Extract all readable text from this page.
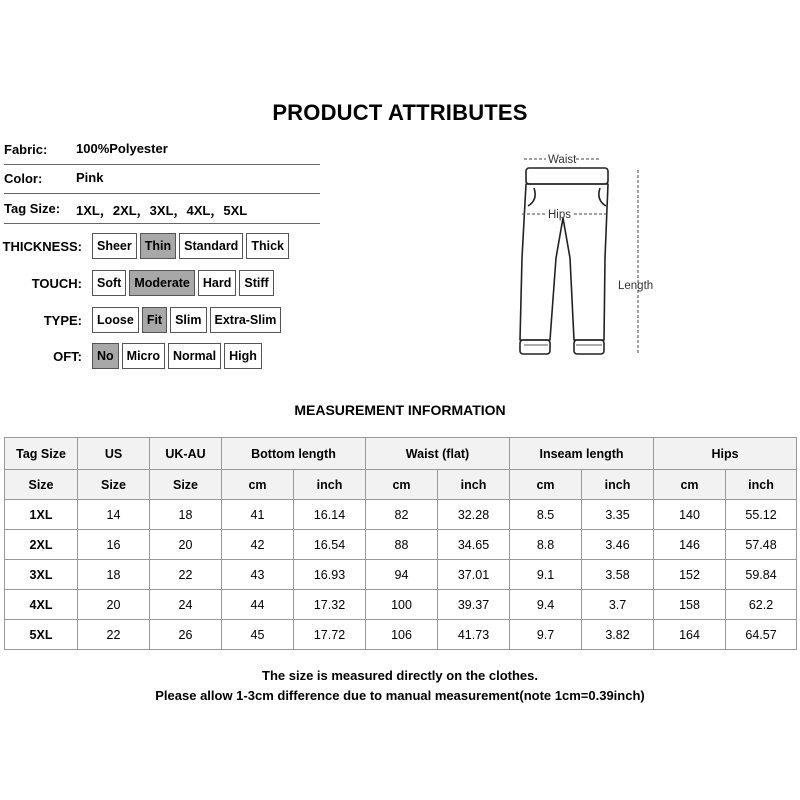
PRODUCT ATTRIBUTES
Fabric: 100%Polyester
Color:	Pink
Tag Size: 1XL，2XL，3XL，4XL，5XL
THICKNESS:	Sheer	Thin	Standard	Thick
TOUCH:	Soft	Moderate	Hard	Stiff
TYPE:	Loose	Fit	Slim	Extra-Slim
OFT:	No	Micro	Normal	High
Waist
Length
Hips
MEASUREMENT INFORMATION
Tag Size	US	UK-AU	Bottom length		Waist (flat)		Inseam length		Hips	
Size	Size	Size	cm	inch	cm	inch	cm	inch	cm	inch
1XL	14	18	41	16.14	82	32.28	8.5	3.35	140	55.12
2XL	16	20	42	16.54	88	34.65	8.8	3.46	146	57.48
3XL	18	22	43	16.93	94	37.01	9.1	3.58	152	59.84
4XL	20	24	44	17.32	100	39.37	9.4	3.7	158	62.2
5XL	22	26	45	17.72	106	41.73	9.7	3.82	164	64.57
The size is measured directly on the clothes.
Please allow 1-3cm difference due to manual measurement(note 1cm=0.39inch)
